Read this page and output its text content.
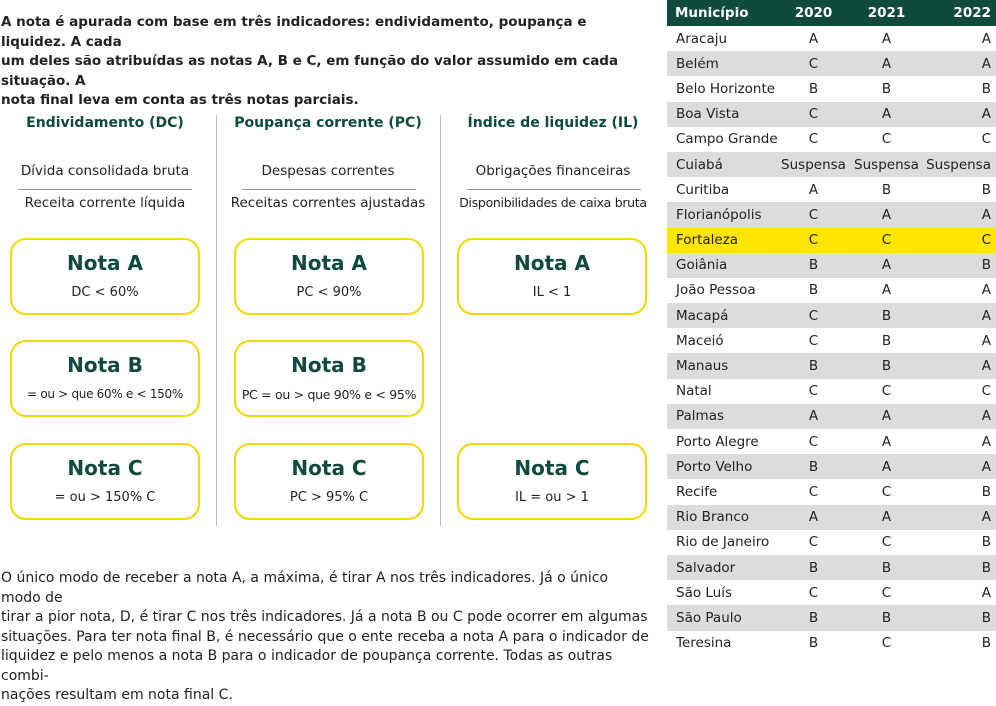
A nota é apurada com base em três indicadores: endividamento, poupança e liquidez. A cada
um deles são atribuídas as notas A, B e C, em função do valor assumido em cada situação. A
nota final leva em conta as três notas parciais.
Endividamento (DC)
Dívida consolidada bruta
Receita corrente líquida
Nota A
DC < 60%
Nota B
= ou > que 60% e < 150%
Nota C
= ou > 150% C
Poupança corrente (PC)
Despesas correntes
Receitas correntes ajustadas
Nota A
PC < 90%
Nota B
PC = ou > que 90% e < 95%
Nota C
PC > 95% C
Índice de liquidez (IL)
Obrigações financeiras
Disponibilidades de caixa bruta
Nota A
IL < 1
Nota C
IL = ou > 1
O único modo de receber a nota A, a máxima, é tirar A nos três indicadores. Já o único modo de
tirar a pior nota, D, é tirar C nos três indicadores. Já a nota B ou C pode ocorrer em algumas
situações. Para ter nota final B, é necessário que o ente receba a nota A para o indicador de
liquidez e pelo menos a nota B para o indicador de poupança corrente. Todas as outras combi-
nações resultam em nota final C.
Município	2020	2021	2022
Aracaju	A	A	A
Belém	C	A	A
Belo Horizonte	B	B	B
Boa Vista	C	A	A
Campo Grande	C	C	C
Cuiabá	Suspensa Suspensa Suspensa
Curitiba	A	B	B
Florianópolis	C	A	A
Fortaleza	C	C	C
Goiânia	B	A	B
João Pessoa	B	A	A
Macapá	C	B	A
Maceió	C	B	A
Manaus	B	B	A
Natal	C	C	C
Palmas	A	A	A
Porto Alegre	C	A	A
Porto Velho	B	A	A
Recife	C	C	B
Rio Branco	A	A	A
Rio de Janeiro	C	C	B
Salvador	B	B	B
São Luís	C	C	A
São Paulo	B	B	B
Teresina	B	C	B
